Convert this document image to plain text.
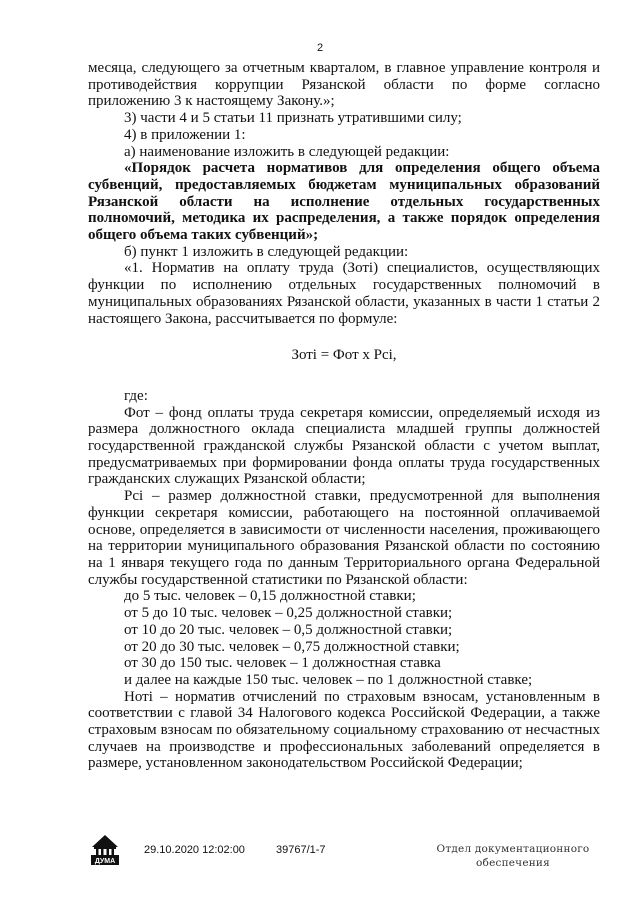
2

месяца, следующего за отчетным кварталом, в главное управление контроля и противодействия коррупции Рязанской области по форме согласно приложению 3 к настоящему Закону.»;

3) части 4 и 5 статьи 11 признать утратившими силу;

4) в приложении 1:

а) наименование изложить в следующей редакции:

«Порядок расчета нормативов для определения общего объема субвенций, предоставляемых бюджетам муниципальных образований Рязанской области на исполнение отдельных государственных полномочий, методика их распределения, а также порядок определения общего объема таких субвенций»;

б) пункт 1 изложить в следующей редакции:

«1. Норматив на оплату труда (Зоті) специалистов, осуществляющих функции по исполнению отдельных государственных полномочий в муниципальных образованиях Рязанской области, указанных в части 1 статьи 2 настоящего Закона, рассчитывается по формуле:

Зоті = Фот х Рсі,

где:

Фот – фонд оплаты труда секретаря комиссии, определяемый исходя из размера должностного оклада специалиста младшей группы должностей государственной гражданской службы Рязанской области с учетом выплат, предусматриваемых при формировании фонда оплаты труда государственных гражданских служащих Рязанской области;

Рсі – размер должностной ставки, предусмотренной для выполнения функции секретаря комиссии, работающего на постоянной оплачиваемой основе, определяется в зависимости от численности населения, проживающего на территории муниципального образования Рязанской области по состоянию на 1 января текущего года по данным Территориального органа Федеральной службы государственной статистики по Рязанской области:

до 5 тыс. человек – 0,15 должностной ставки;

от 5 до 10 тыс. человек – 0,25 должностной ставки;

от 10 до 20 тыс. человек – 0,5 должностной ставки;

от 20 до 30 тыс. человек – 0,75 должностной ставки;

от 30 до 150 тыс. человек – 1 должностная ставка

и далее на каждые 150 тыс. человек – по 1 должностной ставке;

Ноті – норматив отчислений по страховым взносам, установленным в соответствии с главой 34 Налогового кодекса Российской Федерации, а также страховым взносам по обязательному социальному страхованию от несчастных случаев на производстве и профессиональных заболеваний определяется в размере, установленном законодательством Российской Федерации;

ДУМА
29.10.2020 12:02:00	39767/1-7	Отдел документационного
обеспечения
